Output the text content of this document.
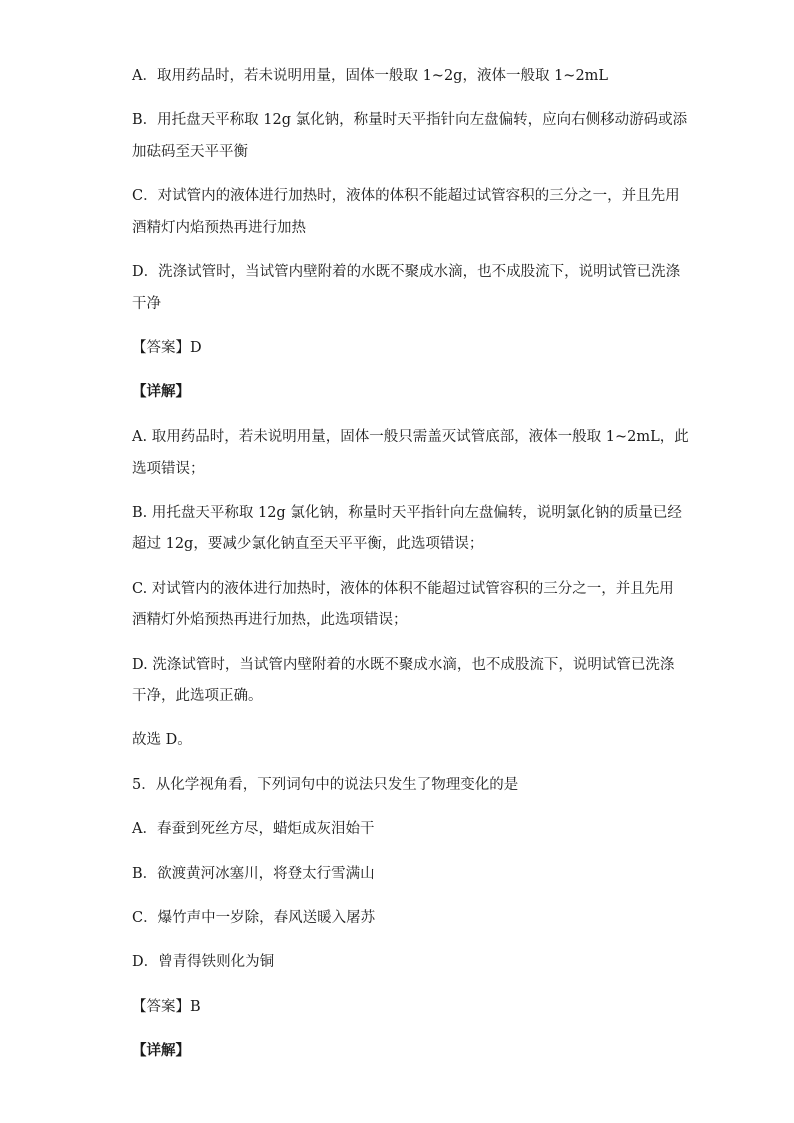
A．取用药品时，若未说明用量，固体一般取 1~2g，液体一般取 1~2mL
B．用托盘天平称取 12g 氯化钠，称量时天平指针向左盘偏转，应向右侧移动游码或添
加砝码至天平平衡
C．对试管内的液体进行加热时，液体的体积不能超过试管容积的三分之一，并且先用
酒精灯内焰预热再进行加热
D．洗涤试管时，当试管内壁附着的水既不聚成水滴，也不成股流下，说明试管已洗涤
干净
【答案】D
【详解】
A. 取用药品时，若未说明用量，固体一般只需盖灭试管底部，液体一般取 1~2mL，此
选项错误；
B. 用托盘天平称取 12g 氯化钠，称量时天平指针向左盘偏转，说明氯化钠的质量已经
超过 12g，要减少氯化钠直至天平平衡，此选项错误；
C. 对试管内的液体进行加热时，液体的体积不能超过试管容积的三分之一，并且先用
酒精灯外焰预热再进行加热，此选项错误；
D. 洗涤试管时，当试管内壁附着的水既不聚成水滴，也不成股流下，说明试管已洗涤
干净，此选项正确。
故选 D。
5．从化学视角看，下列词句中的说法只发生了物理变化的是
A．春蚕到死丝方尽，蜡炬成灰泪始干
B．欲渡黄河冰塞川，将登太行雪满山
C．爆竹声中一岁除，春风送暖入屠苏
D．曾青得铁则化为铜
【答案】B
【详解】
